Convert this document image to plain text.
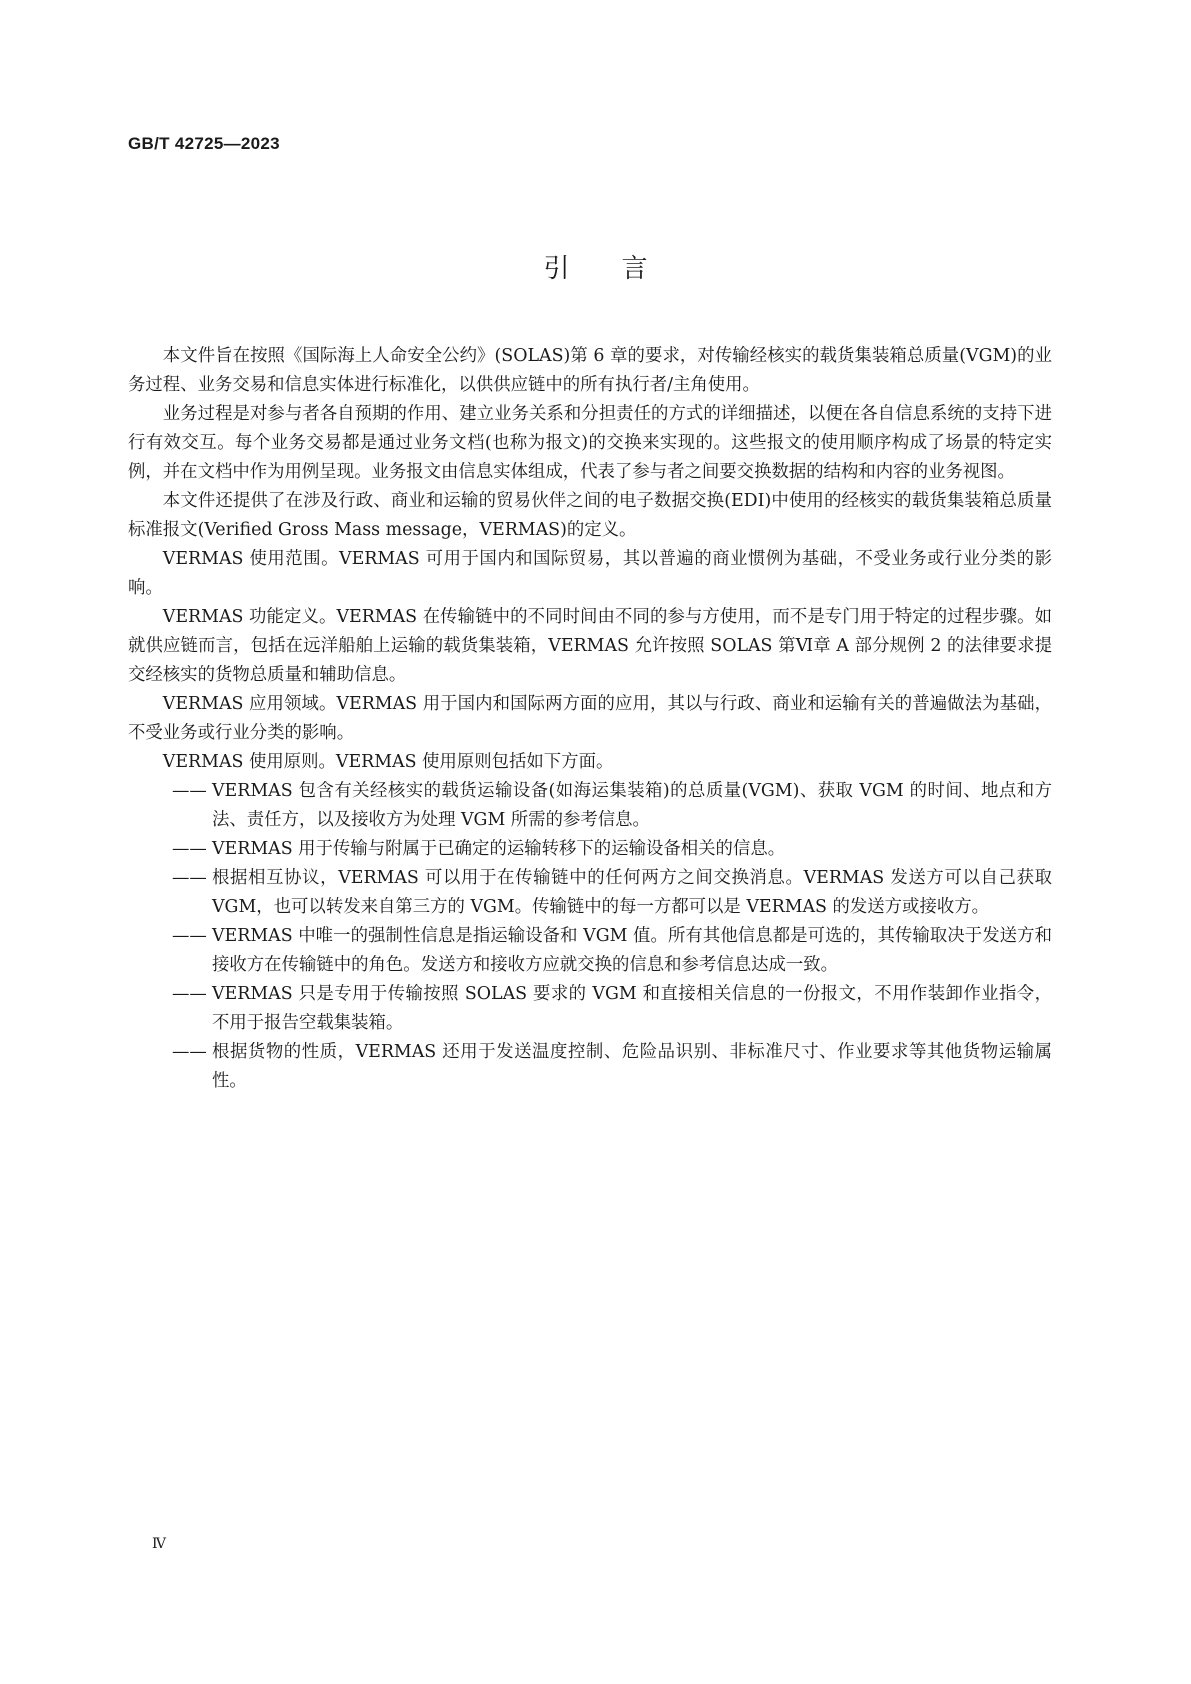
GB/T 42725—2023
引　　言

本文件旨在按照《国际海上人命安全公约》(SOLAS)第 6 章的要求，对传输经核实的载货集装箱总质量(VGM)的业务过程、业务交易和信息实体进行标准化，以供供应链中的所有执行者/主角使用。

业务过程是对参与者各自预期的作用、建立业务关系和分担责任的方式的详细描述，以便在各自信息系统的支持下进行有效交互。每个业务交易都是通过业务文档(也称为报文)的交换来实现的。这些报文的使用顺序构成了场景的特定实例，并在文档中作为用例呈现。业务报文由信息实体组成，代表了参与者之间要交换数据的结构和内容的业务视图。

本文件还提供了在涉及行政、商业和运输的贸易伙伴之间的电子数据交换(EDI)中使用的经核实的载货集装箱总质量标准报文(Verified Gross Mass message，VERMAS)的定义。

VERMAS 使用范围。VERMAS 可用于国内和国际贸易，其以普遍的商业惯例为基础，不受业务或行业分类的影响。

VERMAS 功能定义。VERMAS 在传输链中的不同时间由不同的参与方使用，而不是专门用于特定的过程步骤。如就供应链而言，包括在远洋船舶上运输的载货集装箱，VERMAS 允许按照 SOLAS 第Ⅵ章 A 部分规例 2 的法律要求提交经核实的货物总质量和辅助信息。

VERMAS 应用领域。VERMAS 用于国内和国际两方面的应用，其以与行政、商业和运输有关的普遍做法为基础，不受业务或行业分类的影响。

VERMAS 使用原则。VERMAS 使用原则包括如下方面。

—— VERMAS 包含有关经核实的载货运输设备(如海运集装箱)的总质量(VGM)、获取 VGM 的时间、地点和方法、责任方，以及接收方为处理 VGM 所需的参考信息。
—— VERMAS 用于传输与附属于已确定的运输转移下的运输设备相关的信息。
—— 根据相互协议，VERMAS 可以用于在传输链中的任何两方之间交换消息。VERMAS 发送方可以自己获取 VGM，也可以转发来自第三方的 VGM。传输链中的每一方都可以是 VERMAS 的发送方或接收方。
—— VERMAS 中唯一的强制性信息是指运输设备和 VGM 值。所有其他信息都是可选的，其传输取决于发送方和接收方在传输链中的角色。发送方和接收方应就交换的信息和参考信息达成一致。
—— VERMAS 只是专用于传输按照 SOLAS 要求的 VGM 和直接相关信息的一份报文，不用作装卸作业指令，不用于报告空载集装箱。
—— 根据货物的性质，VERMAS 还用于发送温度控制、危险品识别、非标准尺寸、作业要求等其他货物运输属性。
Ⅳ
